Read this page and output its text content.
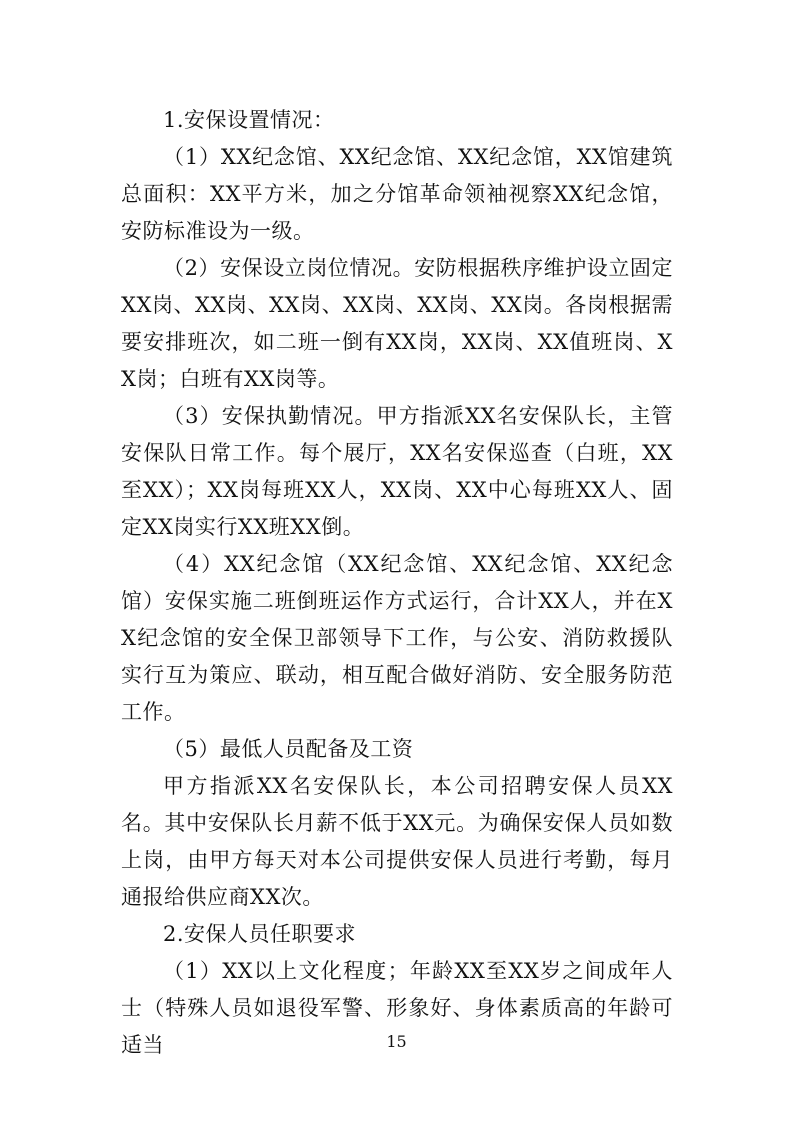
1.安保设置情况：

（1）XX纪念馆、XX纪念馆、XX纪念馆，XX馆建筑总面积：XX平方米，加之分馆革命领袖视察XX纪念馆，安防标准设为一级。

（2）安保设立岗位情况。安防根据秩序维护设立固定XX岗、XX岗、XX岗、XX岗、XX岗、XX岗。各岗根据需要安排班次，如二班一倒有XX岗，XX岗、XX值班岗、XX岗；白班有XX岗等。

（3）安保执勤情况。甲方指派XX名安保队长，主管安保队日常工作。每个展厅，XX名安保巡查（白班，XX至XX）；XX岗每班XX人，XX岗、XX中心每班XX人、固定XX岗实行XX班XX倒。

（4）XX纪念馆（XX纪念馆、XX纪念馆、XX纪念馆）安保实施二班倒班运作方式运行，合计XX人，并在XX纪念馆的安全保卫部领导下工作，与公安、消防救援队实行互为策应、联动，相互配合做好消防、安全服务防范工作。

（5）最低人员配备及工资

甲方指派XX名安保队长，本公司招聘安保人员XX名。其中安保队长月薪不低于XX元。为确保安保人员如数上岗，由甲方每天对本公司提供安保人员进行考勤，每月通报给供应商XX次。

2.安保人员任职要求

（1）XX以上文化程度；年龄XX至XX岁之间成年人士（特殊人员如退役军警、形象好、身体素质高的年龄可适当	15
